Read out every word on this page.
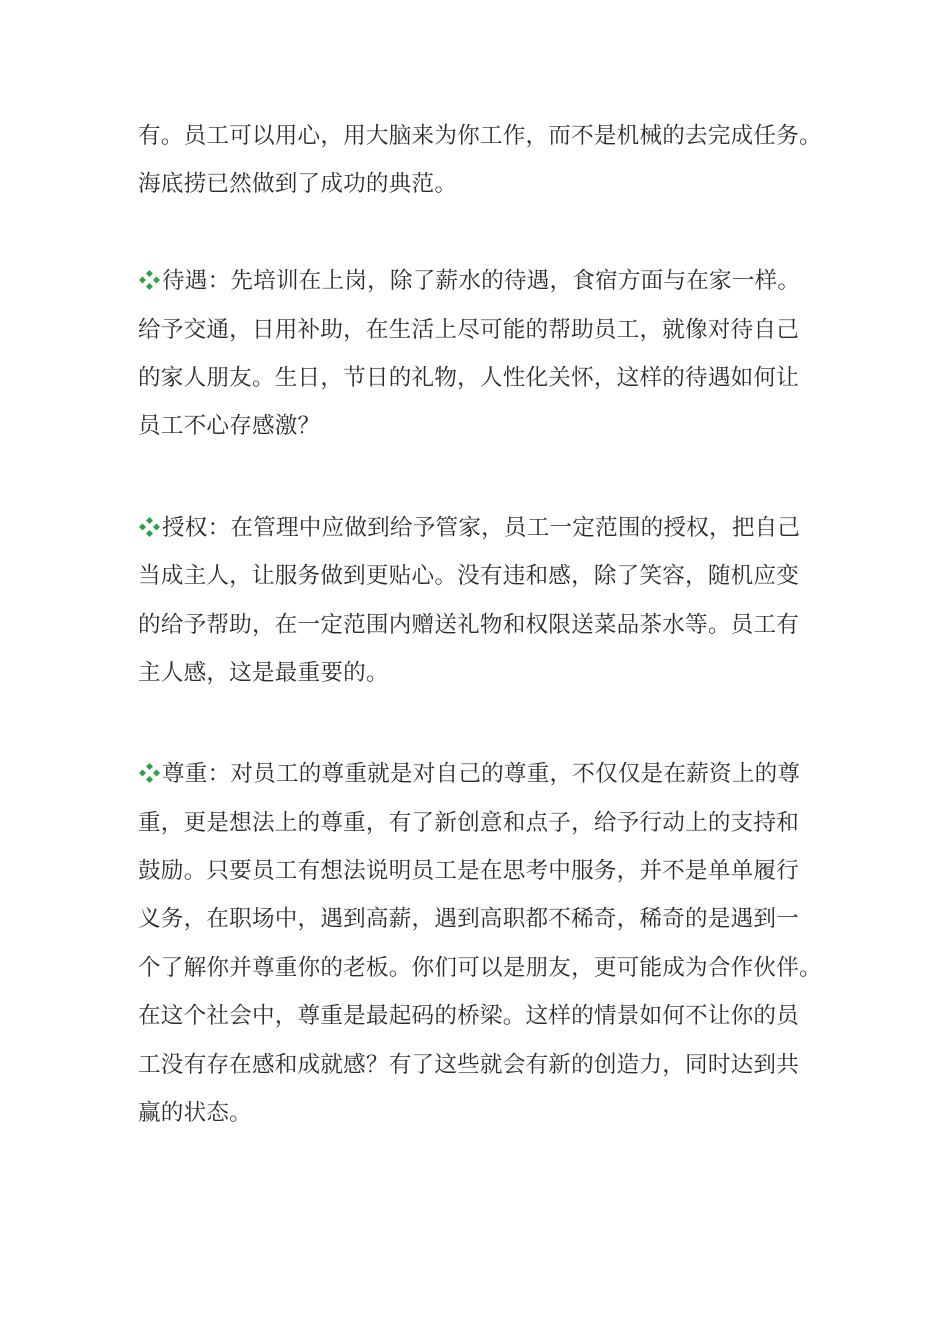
有。员工可以用心，用大脑来为你工作，而不是机械的去完成任务。
海底捞已然做到了成功的典范。
待遇：先培训在上岗，除了薪水的待遇，食宿方面与在家一样。
给予交通，日用补助，在生活上尽可能的帮助员工，就像对待自己
的家人朋友。生日，节日的礼物，人性化关怀，这样的待遇如何让
员工不心存感激？
授权：在管理中应做到给予管家，员工一定范围的授权，把自己
当成主人，让服务做到更贴心。没有违和感，除了笑容，随机应变
的给予帮助，在一定范围内赠送礼物和权限送菜品茶水等。员工有
主人感，这是最重要的。
尊重：对员工的尊重就是对自己的尊重，不仅仅是在薪资上的尊
重，更是想法上的尊重，有了新创意和点子，给予行动上的支持和
鼓励。只要员工有想法说明员工是在思考中服务，并不是单单履行
义务，在职场中，遇到高薪，遇到高职都不稀奇，稀奇的是遇到一
个了解你并尊重你的老板。你们可以是朋友，更可能成为合作伙伴。
在这个社会中，尊重是最起码的桥梁。这样的情景如何不让你的员
工没有存在感和成就感？有了这些就会有新的创造力，同时达到共
赢的状态。
